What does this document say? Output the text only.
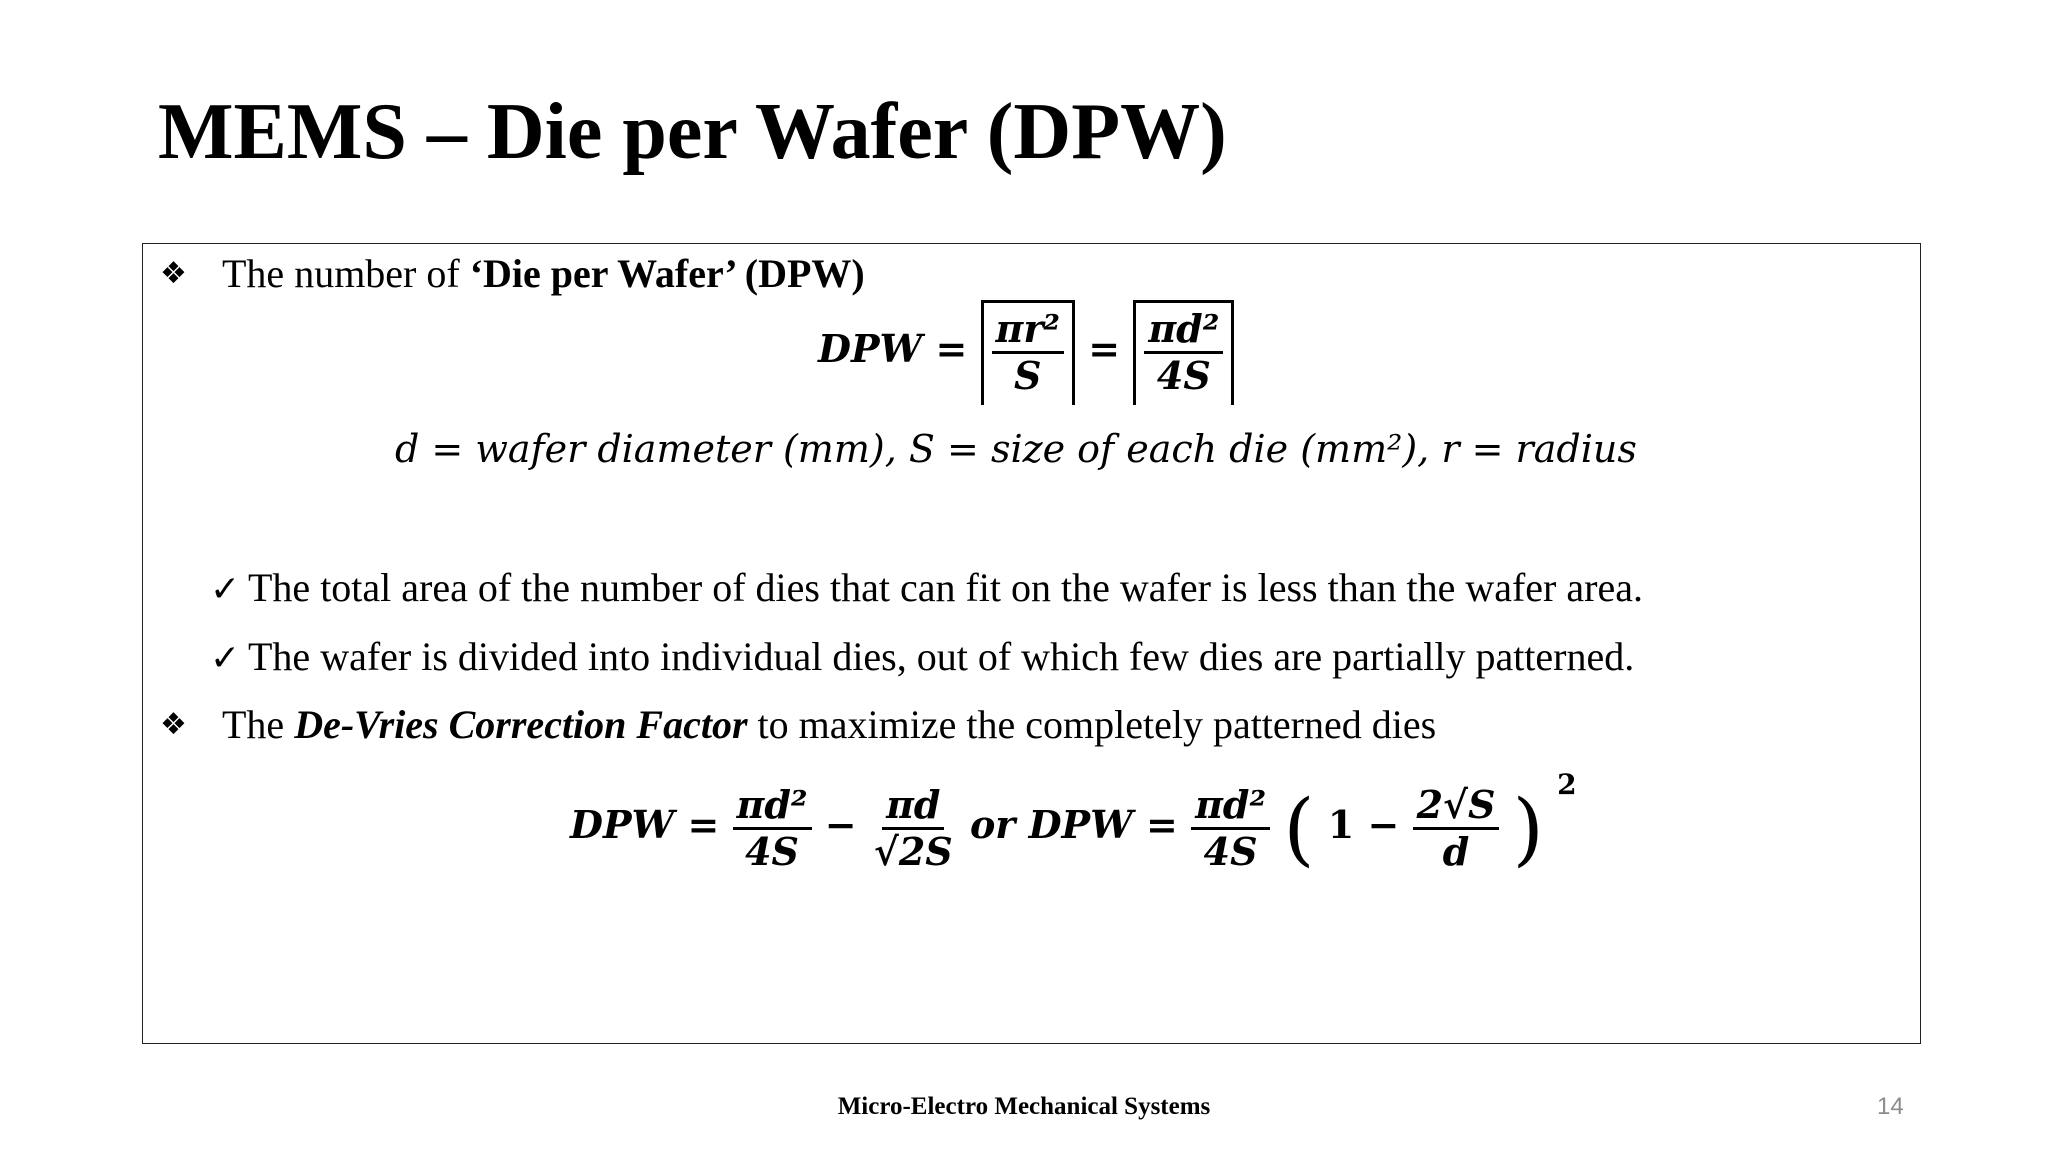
MEMS – Die per Wafer (DPW)
❖ The number of ‘Die per Wafer’ (DPW)
DPW = $\frac{\text{πr²}}{S} = \frac{\text{πd²}}{4S}$
d = wafer diameter (mm), S = size of each die (mm²), r = radius
✓ The total area of the number of dies that can fit on the wafer is less than the wafer area.
✓ The wafer is divided into individual dies, out of which few dies are partially patterned.
❖ The De-Vries Correction Factor to maximize the completely patterned dies
DPW = $\frac{\text{πd²}}{4S} - \frac{\pi d}{√2S}$ or DPW = $\frac{\text{πd²}}{4S}$ ( $1 - \frac{2√S}{d}$ ) $^2$
Micro-Electro Mechanical Systems	14
